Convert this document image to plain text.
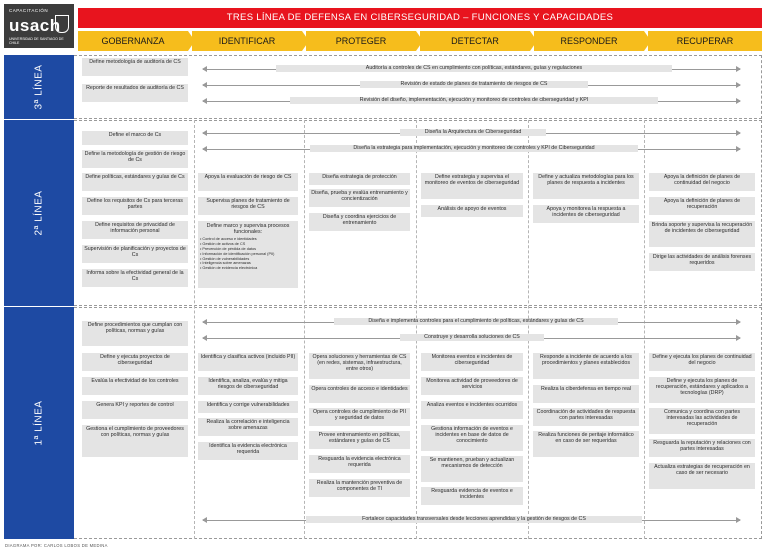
CAPACITACIÓN
usach
UNIVERSIDAD DE SANTIAGO DE CHILE
TRES LÍNEA DE DEFENSA EN CIBERSEGURIDAD – FUNCIONES Y CAPACIDADES
GOBERNANZA	IDENTIFICAR	PROTEGER	DETECTAR	RESPONDER	RECUPERAR
3ª LÍNEA
2ª LÍNEA
1ª LÍNEA
Define metodología de auditoría de CS
Reporte de resultados de auditoría de CS
Auditoría a controles de CS en cumplimiento con políticas, estándares, guías y regulaciones
Revisión de estado de planes de tratamiento de riesgos de CS
Revisión del diseño, implementación, ejecución y monitoreo de controles de ciberseguridad y KPI
Diseña la Arquitectura de Ciberseguridad
Diseña la estrategia para implementación, ejecución y monitoreo de controles y KPI de Ciberseguridad
Define el marco de Cs
Define la metodología de gestión de riesgo de Cs
Define políticas, estándares y guías de Cs
Define los requisitos de Cs para terceras partes
Define requisitos de privacidad de información personal
Supervisión de planificación y proyectos de Cs
Informa sobre la efectividad general de la Cs
Apoya la evaluación de riesgo de CS
Supervisa planes de tratamiento de riesgos de CS
Define marco y supervisa procesos funcionales:
• Control de acceso e identidades
• Gestión de activos de CS
• Prevención de pérdida de datos
• Información de identificación personal (PII)
• Gestión de vulnerabilidades
• Inteligencia sobre amenazas
• Gestión de evidencia electrónica
Diseña estrategia de protección
Diseña, prueba y evalúa entrenamiento y concientización
Diseña y coordina ejercicios de entrenamiento
Define estrategia y supervisa el monitoreo de eventos de ciberseguridad
Análisis de apoyo de eventos
Define y actualiza metodologías para los planes de respuesta a incidentes
Apoya y monitorea la respuesta a incidentes de ciberseguridad
Apoya la definición de planes de continuidad del negocio
Apoya la definición de planes de recuperación
Brinda soporte y supervisa la recuperación de incidentes de ciberseguridad
Dirige las actividades de análisis forenses requeridos
Diseña e implementa controles para el cumplimiento de políticas, estándares y guías de CS
Construye y desarrolla soluciones de CS
Define procedimientos que cumplan con políticas, normas y guías
Define y ejecuta proyectos de ciberseguridad
Evalúa la efectividad de los controles
Genera KPI y reportes de control
Gestiona el cumplimiento de proveedores con políticas, normas y guías
Identifica y clasifica activos (incluido PII)
Identifica, analiza, evalúa y mitiga riesgos de ciberseguridad
Identifica y corrige vulnerabilidades
Realiza la correlación e inteligencia sobre amenazas
Identifica la evidencia electrónica requerida
Opera soluciones y herramientas de CS (en redes, sistemas, infraestructura, entre otros)
Opera controles de acceso e identidades
Opera controles de cumplimiento de PII y seguridad de datos
Provee entrenamiento en políticas, estándares y guías de CS
Resguarda la evidencia electrónica requerida
Realiza la mantención preventiva de componentes de TI
Monitorea eventos e incidentes de ciberseguridad
Monitorea actividad de proveedores de servicios
Analiza eventos e incidentes ocurridos
Gestiona información de eventos e incidentes en base de datos de conocimiento
Se mantienen, prueban y actualizan mecanismos de detección
Resguarda evidencia de eventos e incidentes
Responde a incidente de acuerdo a los procedimientos y planes establecidos
Realiza la ciberdefensa en tiempo real
Coordinación de actividades de respuesta con partes interesadas
Realiza funciones de peritaje informático en caso de ser requeridas
Define y ejecuta los planes de continuidad del negocio
Define y ejecuta los planes de recuperación, estándares y aplicados a tecnologías (DRP)
Comunica y coordina con partes interesadas las actividades de recuperación
Resguarda la reputación y relaciones con partes interesadas
Actualiza estrategias de recuperación en caso de ser necesario
Fortalece capacidades transversales desde lecciones aprendidas y la gestión de riesgos de CS
DIAGRAMA POR: CARLOS LOBOS DE MEDINA
